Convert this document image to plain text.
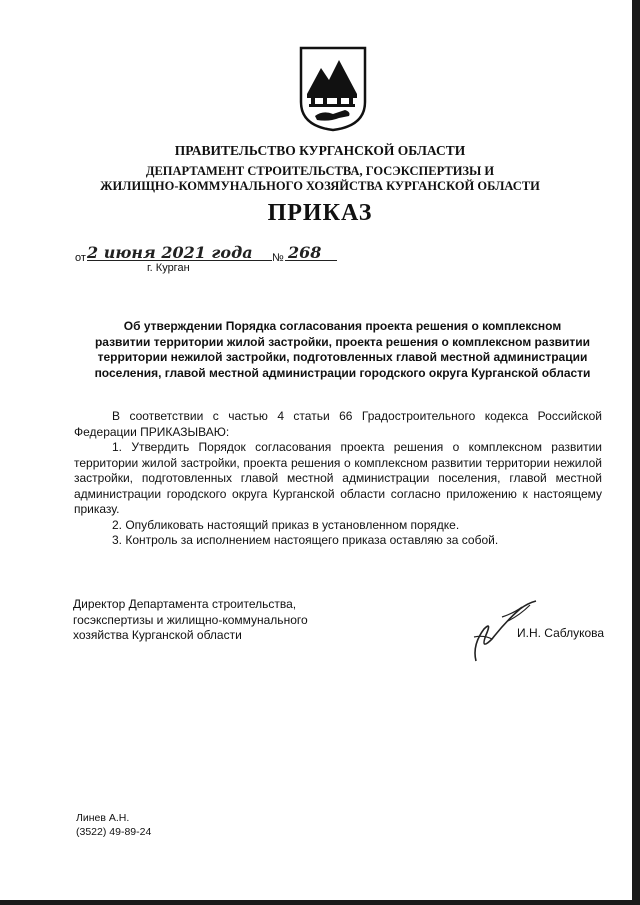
ПРАВИТЕЛЬСТВО КУРГАНСКОЙ ОБЛАСТИ
ДЕПАРТАМЕНТ СТРОИТЕЛЬСТВА, ГОСЭКСПЕРТИЗЫ И
ЖИЛИЩНО-КОММУНАЛЬНОГО ХОЗЯЙСТВА КУРГАНСКОЙ ОБЛАСТИ
ПРИКАЗ
от 2 июня 2021 года № 268
г. Курган
Об утверждении Порядка согласования проекта решения о комплексном
развитии территории жилой застройки, проекта решения о комплексном развитии
территории нежилой застройки, подготовленных главой местной администрации
поселения, главой местной администрации городского округа Курганской области

В соответствии с частью 4 статьи 66 Градостроительного кодекса Российской Федерации ПРИКАЗЫВАЮ:

1. Утвердить Порядок согласования проекта решения о комплексном развитии территории жилой застройки, проекта решения о комплексном развитии территории нежилой застройки, подготовленных главой местной администрации поселения, главой местной администрации городского округа Курганской области согласно приложению к настоящему приказу.

2. Опубликовать настоящий приказ в установленном порядке.

3. Контроль за исполнением настоящего приказа оставляю за собой.

Директор Департамента строительства,
госэкспертизы и жилищно-коммунального
хозяйства Курганской области	И.Н. Саблукова
Линев А.Н.
(3522) 49-89-24
